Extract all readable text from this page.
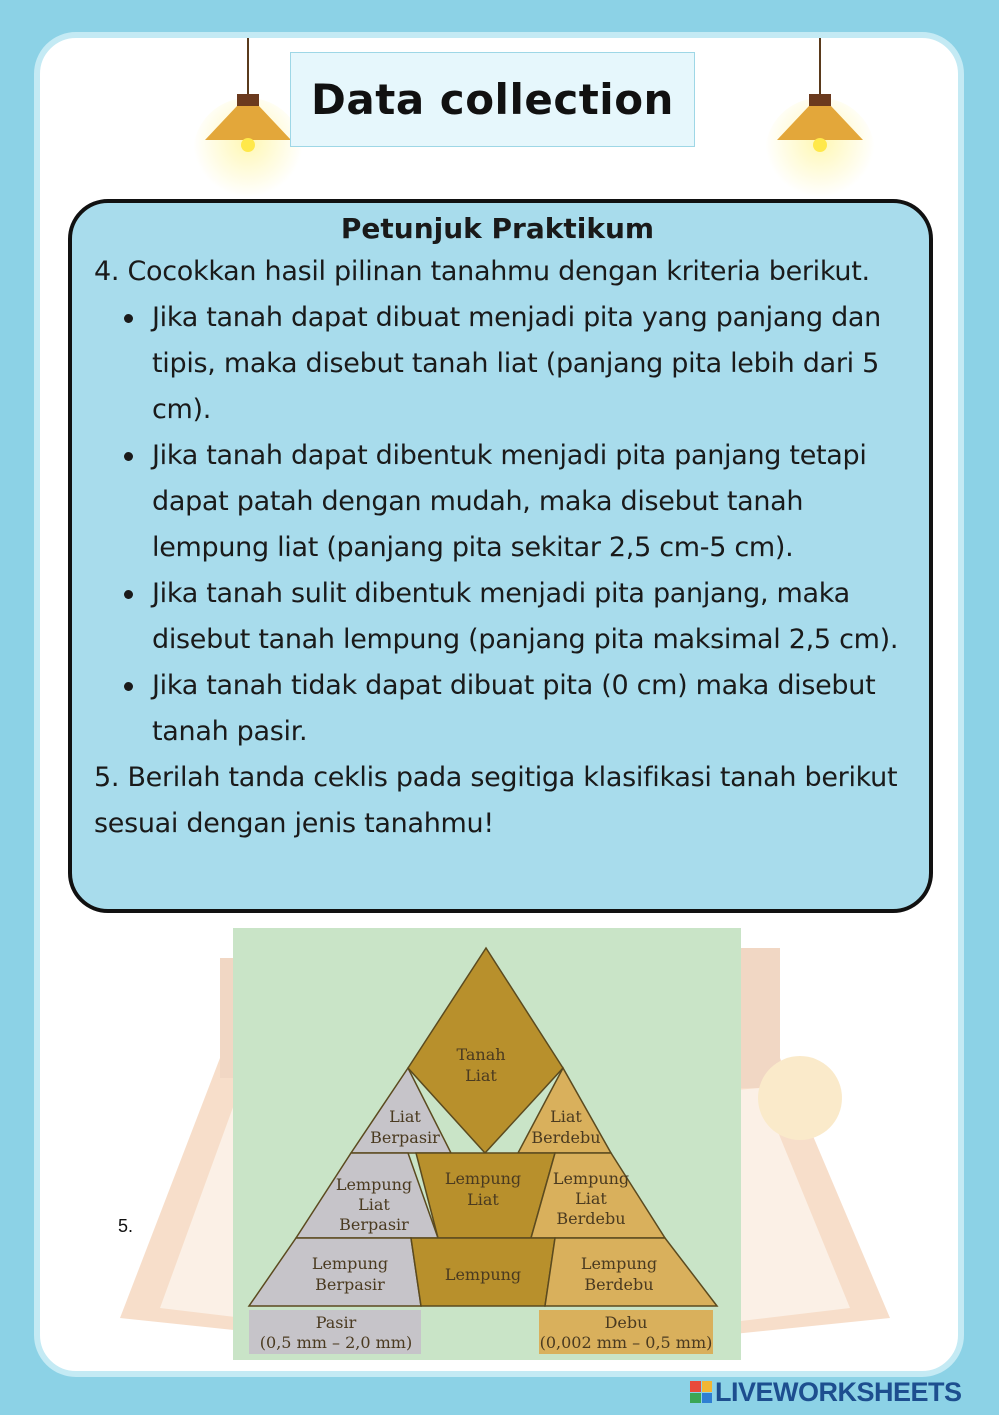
Data collection

Petunjuk Praktikum

4. Cocokkan hasil pilinan tanahmu dengan kriteria berikut.

Jika tanah dapat dibuat menjadi pita yang panjang dan tipis, maka disebut tanah liat (panjang pita lebih dari 5 cm).
Jika tanah dapat dibentuk menjadi pita panjang tetapi dapat patah dengan mudah, maka disebut tanah lempung liat (panjang pita sekitar 2,5 cm-5 cm).
Jika tanah sulit dibentuk menjadi pita panjang, maka disebut tanah lempung (panjang pita maksimal 2,5 cm).
Jika tanah tidak dapat dibuat pita (0 cm) maka disebut tanah pasir.

5. Berilah tanda ceklis pada segitiga klasifikasi tanah berikut sesuai dengan jenis tanahmu!

5.
Tanah Liat
Liat Berpasir
Liat Berdebu
Lempung Liat Berpasir
Lempung Liat
Lempung Liat Berdebu
Lempung Berpasir
Lempung
Lempung Berdebu
Pasir (0,5 mm – 2,0 mm)
Debu (0,002 mm – 0,5 mm)
LIVEWORKSHEETS
